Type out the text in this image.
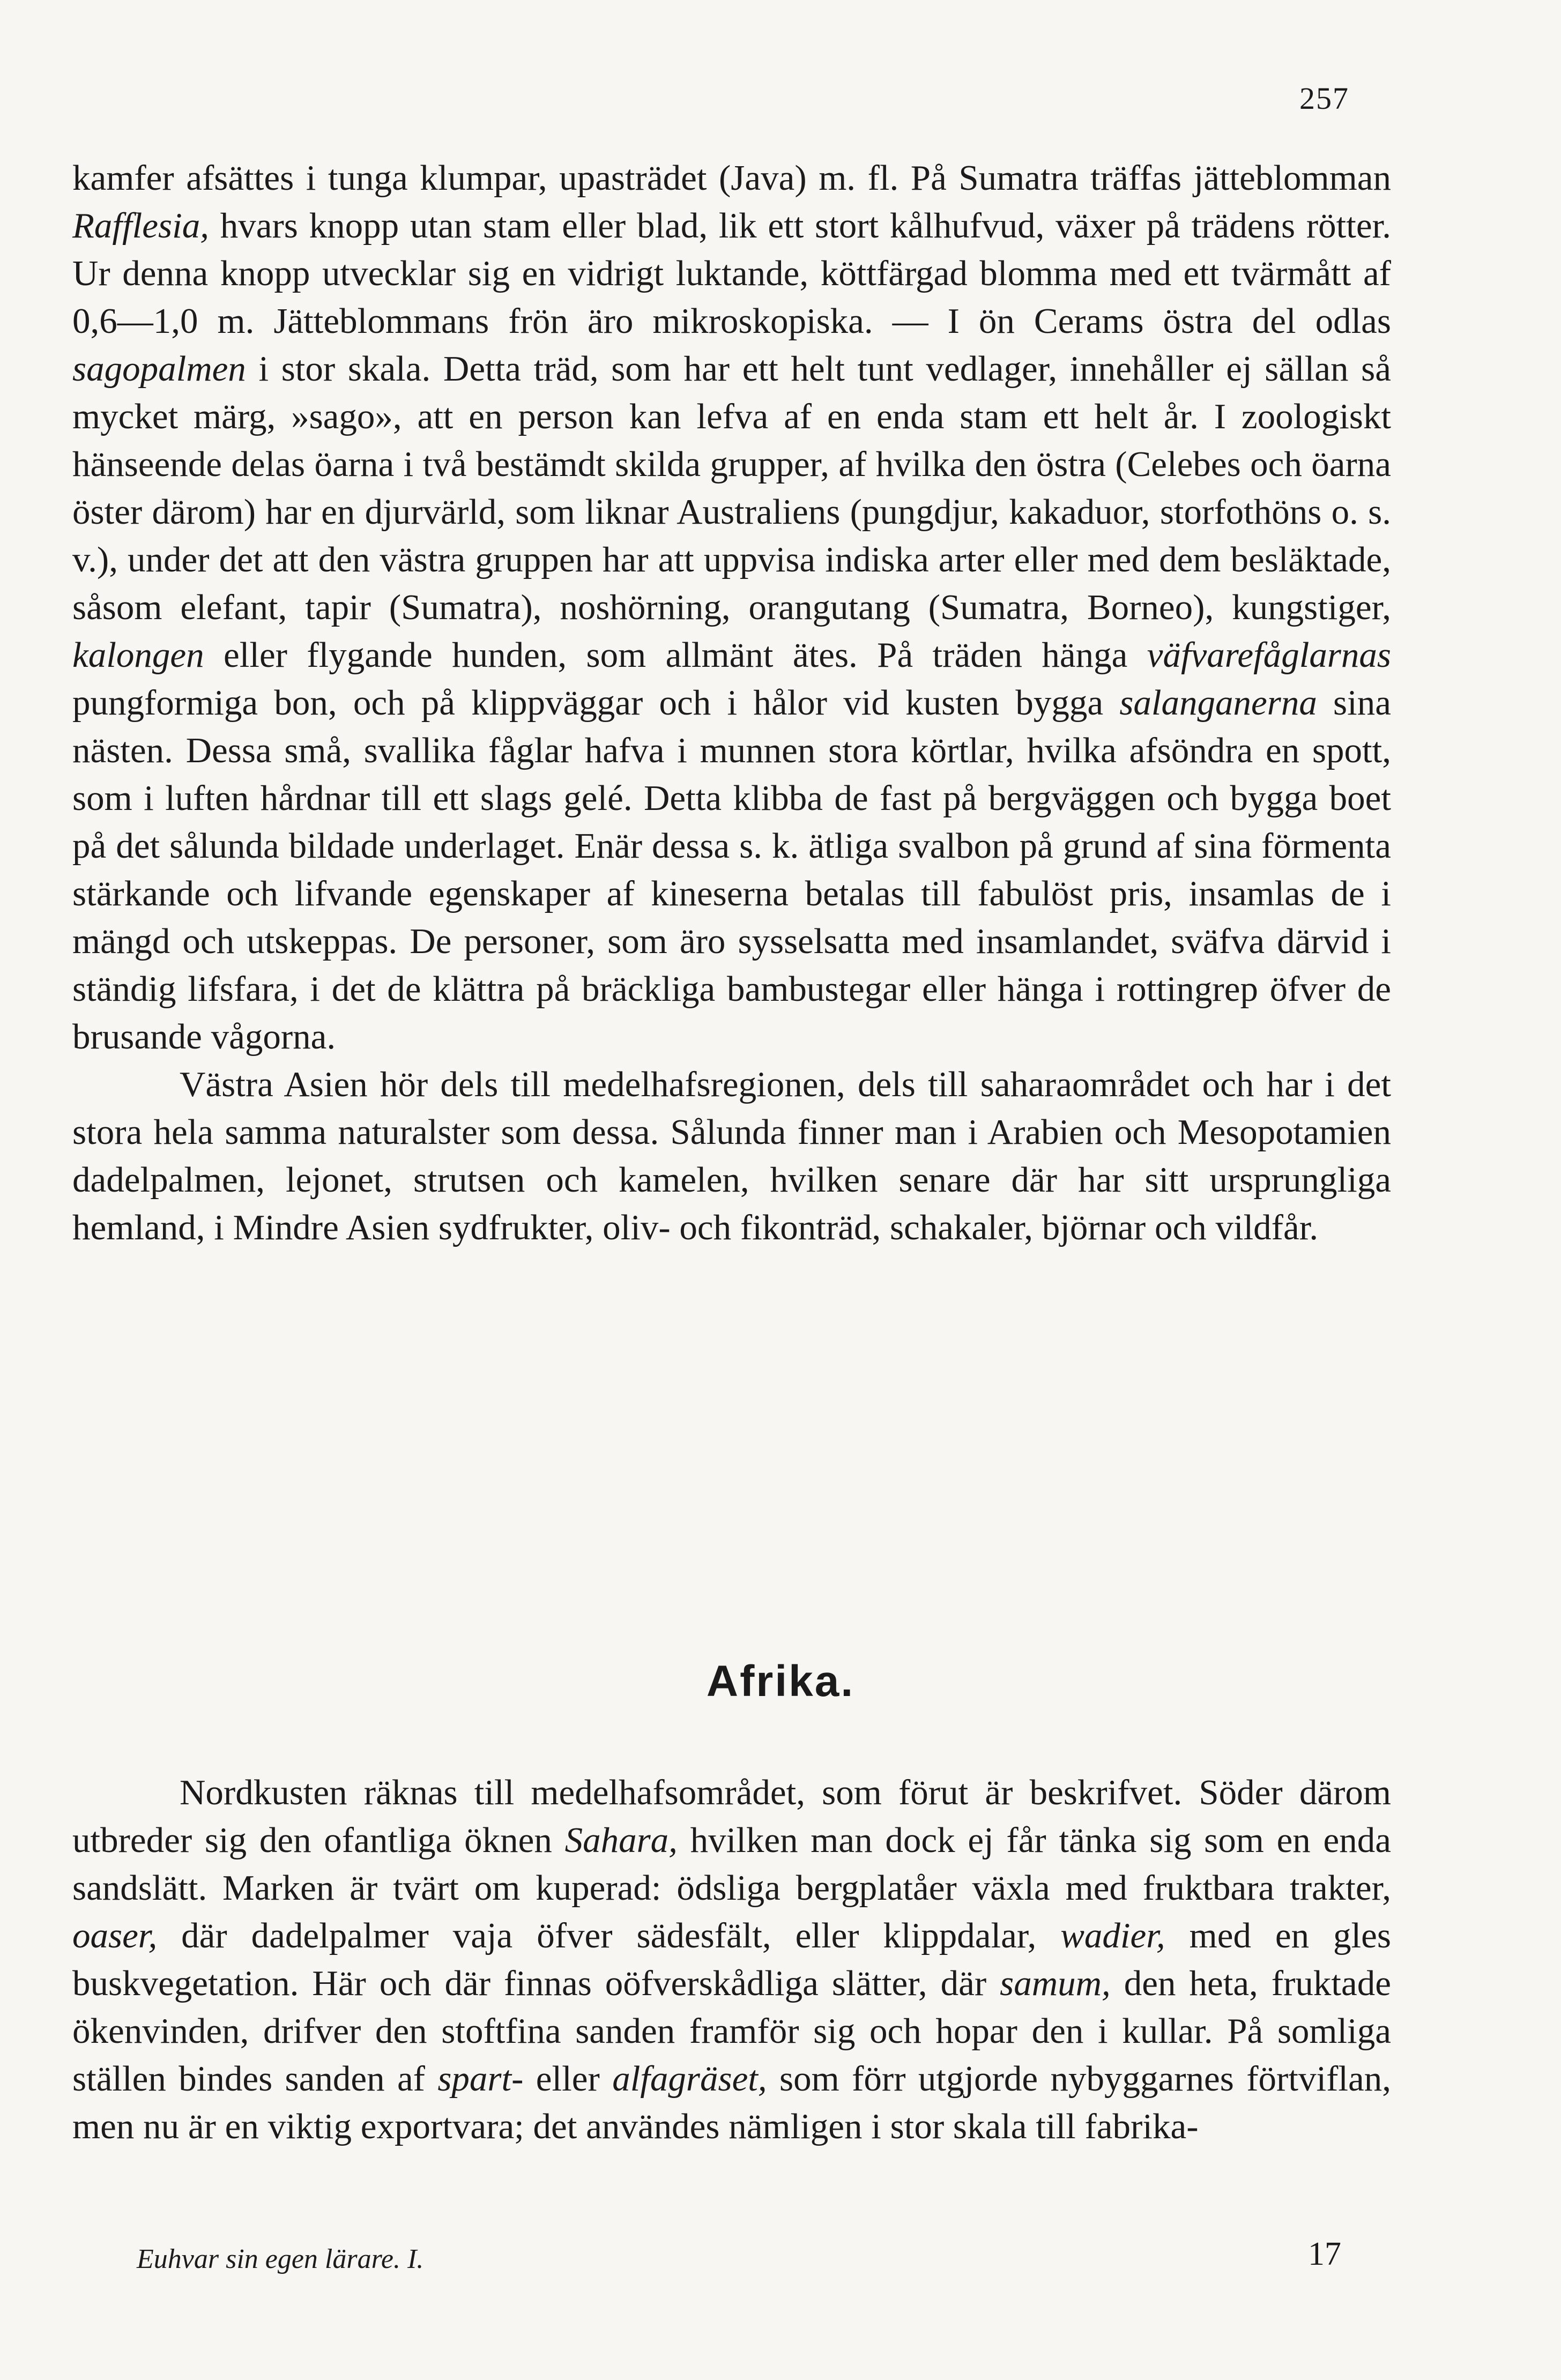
257

kamfer afsättes i tunga klumpar, upasträdet (Java) m. fl. På Sumatra träffas jätteblomman Rafflesia, hvars knopp utan stam eller blad, lik ett stort kålhufvud, växer på trädens rötter. Ur denna knopp utvecklar sig en vidrigt luktande, köttfärgad blomma med ett tvärmått af 0,6—1,0 m. Jätteblommans frön äro mikroskopiska. — I ön Cerams östra del odlas sagopalmen i stor skala. Detta träd, som har ett helt tunt vedlager, innehåller ej sällan så mycket märg, »sago», att en person kan lefva af en enda stam ett helt år. I zoologiskt hänseende delas öarna i två bestämdt skilda grupper, af hvilka den östra (Celebes och öarna öster därom) har en djurvärld, som liknar Australiens (pungdjur, kakaduor, storfothöns o. s. v.), under det att den västra gruppen har att uppvisa indiska arter eller med dem besläktade, såsom elefant, tapir (Sumatra), noshörning, orangutang (Sumatra, Borneo), kungstiger, kalongen eller flygande hunden, som allmänt ätes. På träden hänga väfvarefåglarnas pungformiga bon, och på klippväggar och i hålor vid kusten bygga salanganerna sina nästen. Dessa små, svallika fåglar hafva i munnen stora körtlar, hvilka afsöndra en spott, som i luften hårdnar till ett slags gelé. Detta klibba de fast på bergväggen och bygga boet på det sålunda bildade underlaget. Enär dessa s. k. ätliga svalbon på grund af sina förmenta stärkande och lifvande egenskaper af kineserna betalas till fabulöst pris, insamlas de i mängd och utskeppas. De personer, som äro sysselsatta med insamlandet, sväfva därvid i ständig lifsfara, i det de klättra på bräckliga bambustegar eller hänga i rottingrep öfver de brusande vågorna.

Västra Asien hör dels till medelhafsregionen, dels till saharaområdet och har i det stora hela samma naturalster som dessa. Sålunda finner man i Arabien och Mesopotamien dadelpalmen, lejonet, strutsen och kamelen, hvilken senare där har sitt ursprungliga hemland, i Mindre Asien sydfrukter, oliv- och fikonträd, schakaler, björnar och vildfår.

Afrika.

Nordkusten räknas till medelhafsområdet, som förut är beskrifvet. Söder därom utbreder sig den ofantliga öknen Sahara, hvilken man dock ej får tänka sig som en enda sandslätt. Marken är tvärt om kuperad: ödsliga bergplatåer växla med fruktbara trakter, oaser, där dadelpalmer vaja öfver sädesfält, eller klippdalar, wadier, med en gles buskvegetation. Här och där finnas oöfverskådliga slätter, där samum, den heta, fruktade ökenvinden, drifver den stoftfina sanden framför sig och hopar den i kullar. På somliga ställen bindes sanden af spart- eller alfagräset, som förr utgjorde nybyggarnes förtviflan, men nu är en viktig exportvara; det användes nämligen i stor skala till fabrika-

Euhvar sin egen lärare. I.	17
